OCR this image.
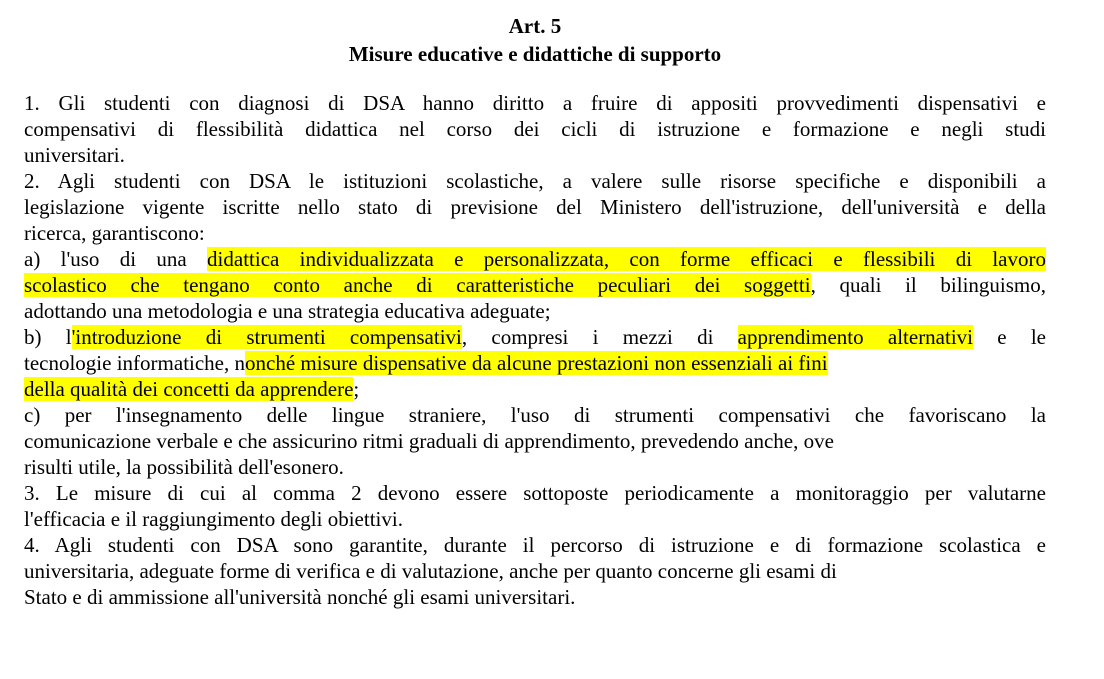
Art. 5
Misure educative e didattiche di supporto

1. Gli studenti con diagnosi di DSA hanno diritto a fruire di appositi provvedimenti dispensativi e

compensativi di flessibilità didattica nel corso dei cicli di istruzione e formazione e negli studi

universitari.

2. Agli studenti con DSA le istituzioni scolastiche, a valere sulle risorse specifiche e disponibili a

legislazione vigente iscritte nello stato di previsione del Ministero dell'istruzione, dell'università e della

ricerca, garantiscono:

a) l'uso di una didattica individualizzata e personalizzata, con forme efficaci e flessibili di lavoro

scolastico che tengano conto anche di caratteristiche peculiari dei soggetti, quali il bilinguismo,

adottando una metodologia e una strategia educativa adeguate;

b) l'introduzione di strumenti compensativi, compresi i mezzi di apprendimento alternativi e le

tecnologie informatiche, nonché misure dispensative da alcune prestazioni non essenziali ai fini

della qualità dei concetti da apprendere;

c) per l'insegnamento delle lingue straniere, l'uso di strumenti compensativi che favoriscano la

comunicazione verbale e che assicurino ritmi graduali di apprendimento, prevedendo anche, ove

risulti utile, la possibilità dell'esonero.

3. Le misure di cui al comma 2 devono essere sottoposte periodicamente a monitoraggio per valutarne

l'efficacia e il raggiungimento degli obiettivi.

4. Agli studenti con DSA sono garantite, durante il percorso di istruzione e di formazione scolastica e

universitaria, adeguate forme di verifica e di valutazione, anche per quanto concerne gli esami di

Stato e di ammissione all'università nonché gli esami universitari.
